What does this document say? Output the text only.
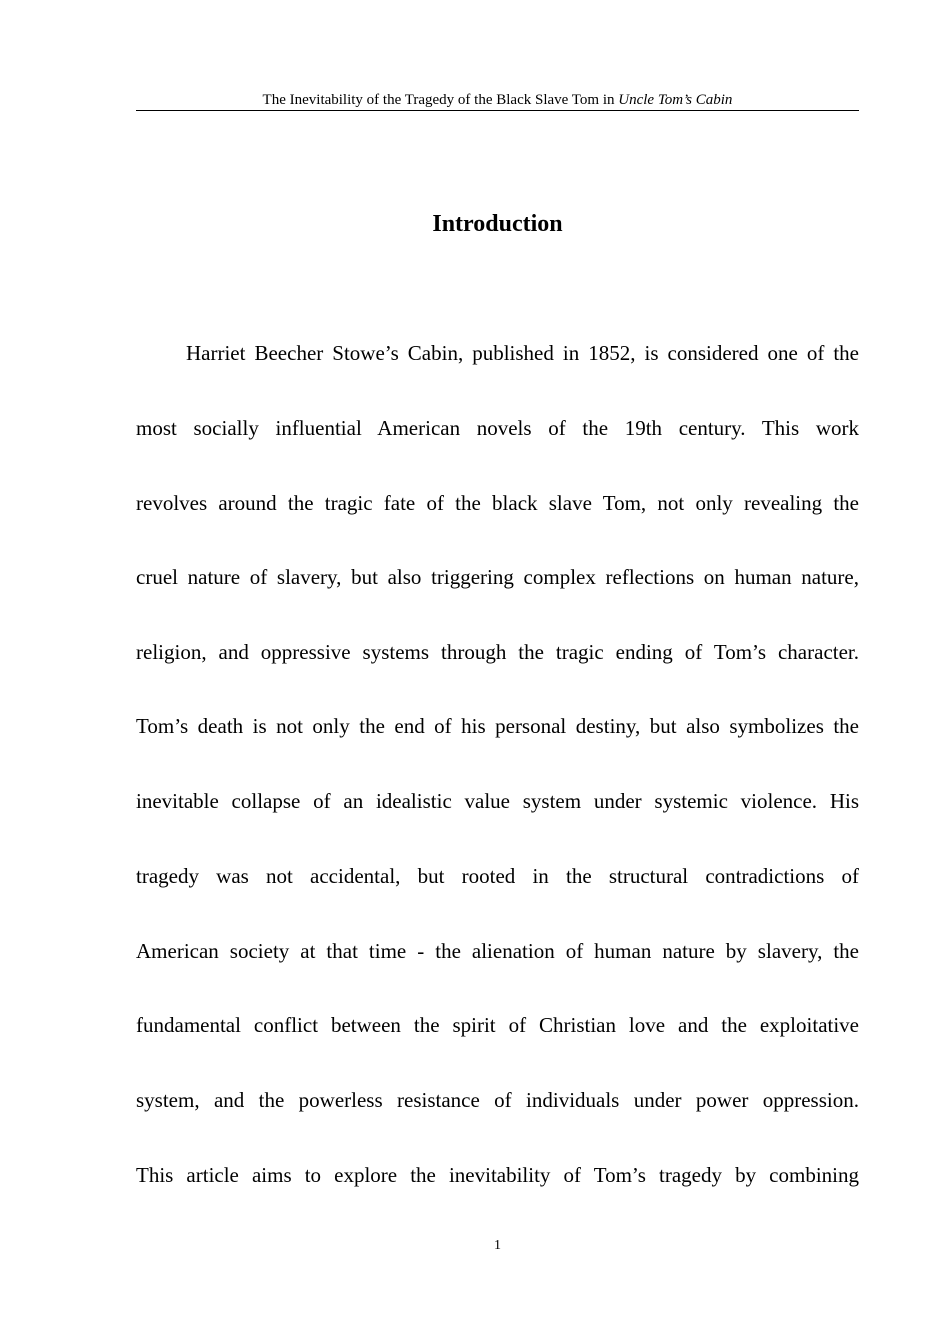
The Inevitability of the Tragedy of the Black Slave Tom in Uncle Tom’s Cabin
Introduction
Harriet Beecher Stowe’s Cabin, published in 1852, is considered one of the
most socially influential American novels of the 19th century. This work
revolves around the tragic fate of the black slave Tom, not only revealing the
cruel nature of slavery, but also triggering complex reflections on human nature,
religion, and oppressive systems through the tragic ending of Tom’s character.
Tom’s death is not only the end of his personal destiny, but also symbolizes the
inevitable collapse of an idealistic value system under systemic violence. His
tragedy was not accidental, but rooted in the structural contradictions of
American society at that time - the alienation of human nature by slavery, the
fundamental conflict between the spirit of Christian love and the exploitative
system, and the powerless resistance of individuals under power oppression.
This article aims to explore the inevitability of Tom’s tragedy by combining
1
